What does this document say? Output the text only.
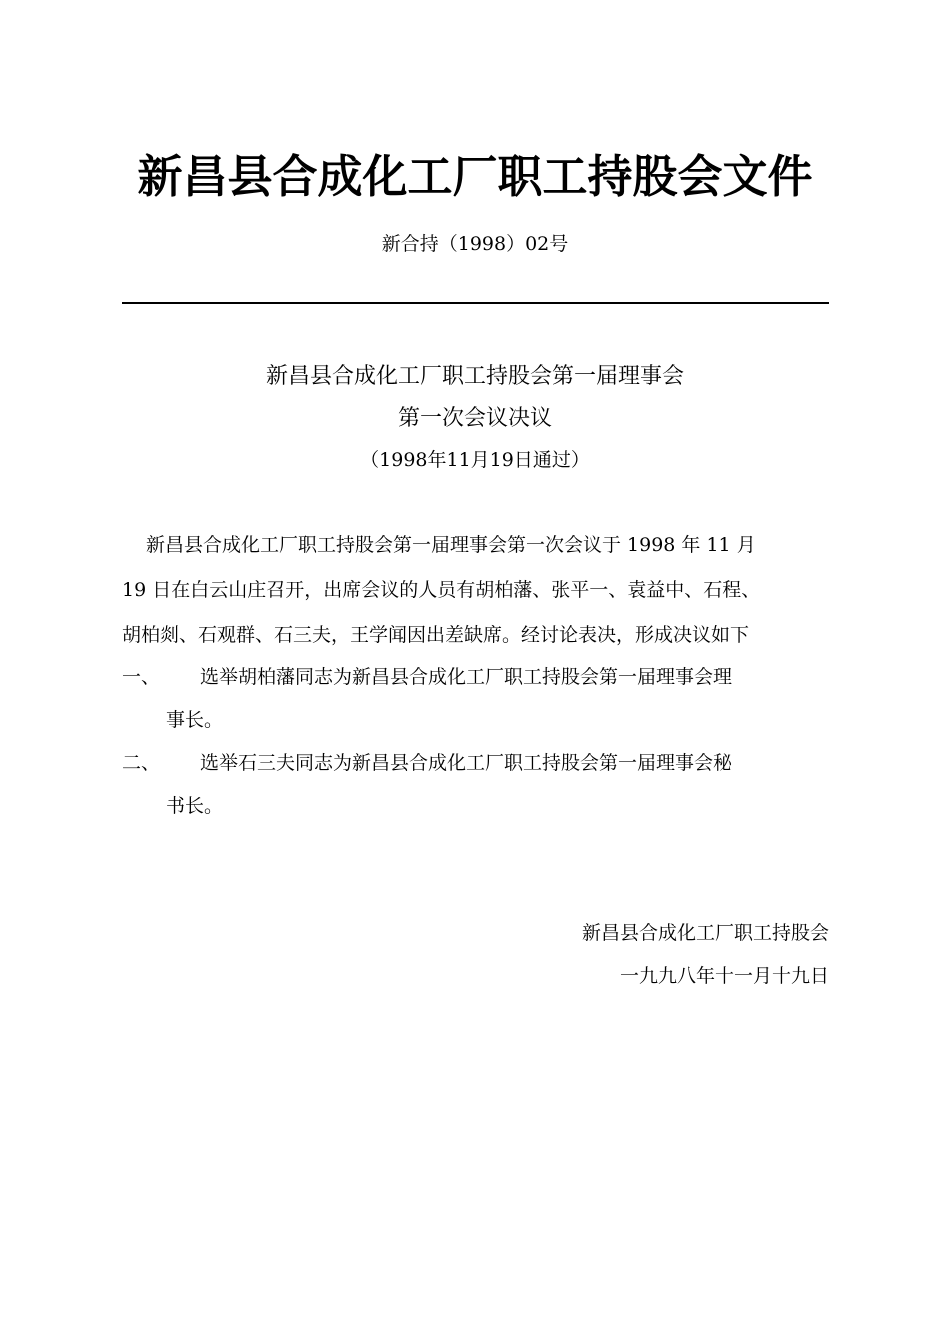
新昌县合成化工厂职工持股会文件
新合持（1998）02号
新昌县合成化工厂职工持股会第一届理事会
第一次会议决议
（1998年11月19日通过）
新昌县合成化工厂职工持股会第一届理事会第一次会议于 1998 年 11 月
19 日在白云山庄召开，出席会议的人员有胡柏藩、张平一、袁益中、石程、
胡柏剡、石观群、石三夫，王学闻因出差缺席。经讨论表决，形成决议如下
一、 选举胡柏藩同志为新昌县合成化工厂职工持股会第一届理事会理
事长。
二、 选举石三夫同志为新昌县合成化工厂职工持股会第一届理事会秘
书长。
新昌县合成化工厂职工持股会
一九九八年十一月十九日
